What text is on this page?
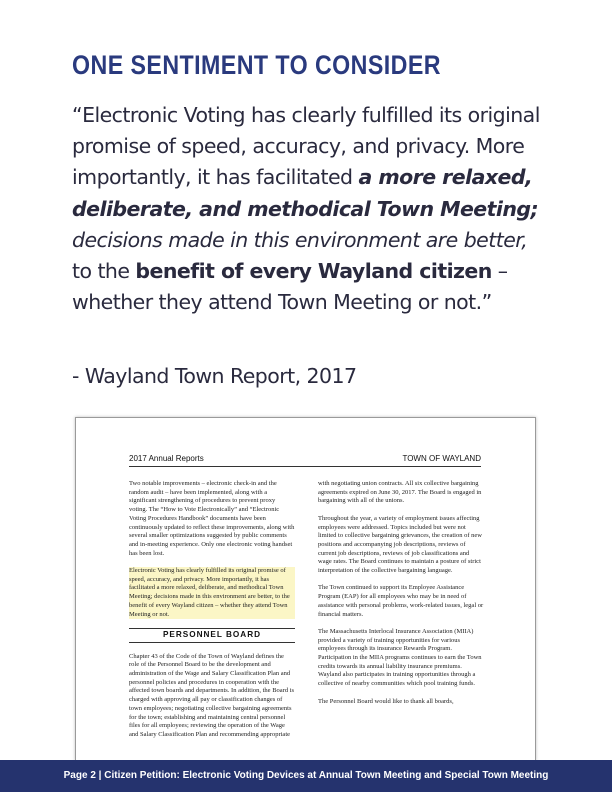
ONE SENTIMENT TO CONSIDER
“Electronic Voting has clearly fulfilled its original promise of speed, accuracy, and privacy. More importantly, it has facilitated a more relaxed, deliberate, and methodical Town Meeting; decisions made in this environment are better, to the benefit of every Wayland citizen – whether they attend Town Meeting or not.”
- Wayland Town Report, 2017
2017 Annual Reports	TOWN OF WAYLAND

Two notable improvements – electronic check-in and the random audit – have been implemented, along with a significant strengthening of procedures to prevent proxy voting. The “How to Vote Electronically” and “Electronic Voting Procedures Handbook” documents have been continuously updated to reflect these improvements, along with several smaller optimizations suggested by public comments and in-meeting experience. Only one electronic voting handset has been lost.

Electronic Voting has clearly fulfilled its original promise of speed, accuracy, and privacy. More importantly, it has facilitated a more relaxed, deliberate, and methodical Town Meeting; decisions made in this environment are better, to the benefit of every Wayland citizen – whether they attend Town Meeting or not.

PERSONNEL BOARD

Chapter 43 of the Code of the Town of Wayland defines the role of the Personnel Board to be the development and administration of the Wage and Salary Classification Plan and personnel policies and procedures in cooperation with the affected town boards and departments. In addition, the Board is charged with approving all pay or classification changes of town employees; negotiating collective bargaining agreements for the town; establishing and maintaining central personnel files for all employees; reviewing the operation of the Wage and Salary Classification Plan and recommending appropriate

with negotiating union contracts. All six collective bargaining agreements expired on June 30, 2017. The Board is engaged in bargaining with all of the unions.

Throughout the year, a variety of employment issues affecting employees were addressed. Topics included but were not limited to collective bargaining grievances, the creation of new positions and accompanying job descriptions, reviews of current job descriptions, reviews of job classifications and wage rates. The Board continues to maintain a posture of strict interpretation of the collective bargaining language.

The Town continued to support its Employee Assistance Program (EAP) for all employees who may be in need of assistance with personal problems, work-related issues, legal or financial matters.

The Massachusetts Interlocal Insurance Association (MIIA) provided a variety of training opportunities for various employees through its insurance Rewards Program. Participation in the MIIA programs continues to earn the Town credits towards its annual liability insurance premiums. Wayland also participates in training opportunities through a collective of nearby communities which pool training funds.

The Personnel Board would like to thank all boards,

Page 2 | Citizen Petition: Electronic Voting Devices at Annual Town Meeting and Special Town Meeting
